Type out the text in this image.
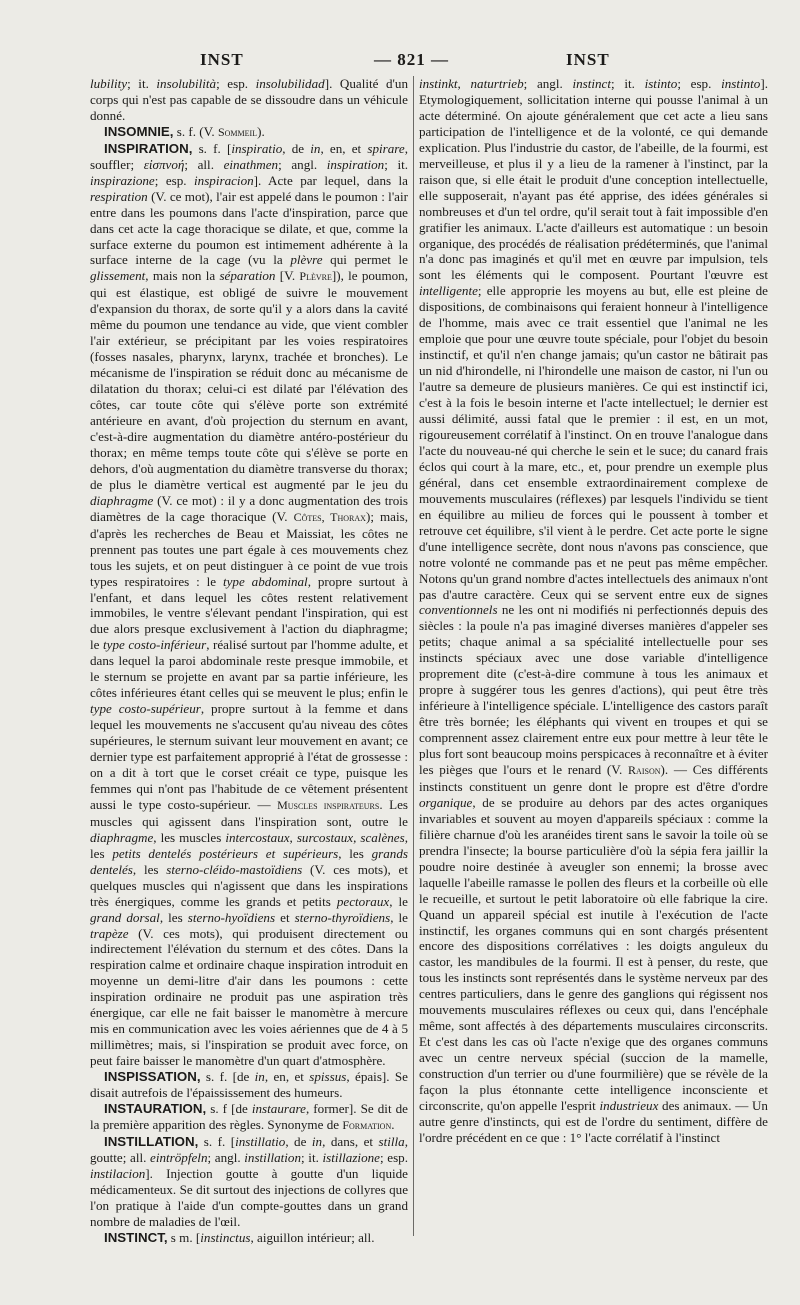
INST	— 821 —	INST

lubility; it. insolubilità; esp. insolubilidad]. Qualité d'un corps qui n'est pas capable de se dissoudre dans un véhicule donné.

INSOMNIE, s. f. (V. Sommeil).

INSPIRATION, s. f. [inspiratio, de in, en, et spirare, souffler; εἰσπνοή; all. einathmen; angl. inspiration; it. inspirazione; esp. inspiracion]. Acte par lequel, dans la respiration (V. ce mot), l'air est appelé dans le poumon : l'air entre dans les poumons dans l'acte d'inspiration, parce que dans cet acte la cage thoracique se dilate, et que, comme la surface externe du poumon est intimement adhérente à la surface interne de la cage (vu la plèvre qui permet le glissement, mais non la séparation [V. Plèvre]), le poumon, qui est élastique, est obligé de suivre le mouvement d'expansion du thorax, de sorte qu'il y a alors dans la cavité même du poumon une tendance au vide, que vient combler l'air extérieur, se précipitant par les voies respiratoires (fosses nasales, pharynx, larynx, trachée et bronches). Le mécanisme de l'inspiration se réduit donc au mécanisme de dilatation du thorax; celui-ci est dilaté par l'élévation des côtes, car toute côte qui s'élève porte son extrémité antérieure en avant, d'où projection du sternum en avant, c'est-à-dire augmentation du diamètre antéro-postérieur du thorax; en même temps toute côte qui s'élève se porte en dehors, d'où augmentation du diamètre transverse du thorax; de plus le diamètre vertical est augmenté par le jeu du diaphragme (V. ce mot) : il y a donc augmentation des trois diamètres de la cage thoracique (V. Côtes, Thorax); mais, d'après les recherches de Beau et Maissiat, les côtes ne prennent pas toutes une part égale à ces mouvements chez tous les sujets, et on peut distinguer à ce point de vue trois types respiratoires : le type abdominal, propre surtout à l'enfant, et dans lequel les côtes restent relativement immobiles, le ventre s'élevant pendant l'inspiration, qui est due alors presque exclusivement à l'action du diaphragme; le type costo-inférieur, réalisé surtout par l'homme adulte, et dans lequel la paroi abdominale reste presque immobile, et le sternum se projette en avant par sa partie inférieure, les côtes inférieures étant celles qui se meuvent le plus; enfin le type costo-supérieur, propre surtout à la femme et dans lequel les mouvements ne s'accusent qu'au niveau des côtes supérieures, le sternum suivant leur mouvement en avant; ce dernier type est parfaitement approprié à l'état de grossesse : on a dit à tort que le corset créait ce type, puisque les femmes qui n'ont pas l'habitude de ce vêtement présentent aussi le type costo-supérieur. — Muscles inspirateurs. Les muscles qui agissent dans l'inspiration sont, outre le diaphragme, les muscles intercostaux, surcostaux, scalènes, les petits dentelés postérieurs et supérieurs, les grands dentelés, les sterno-cléido-mastoïdiens (V. ces mots), et quelques muscles qui n'agissent que dans les inspirations très énergiques, comme les grands et petits pectoraux, le grand dorsal, les sterno-hyoïdiens et sterno-thyroïdiens, le trapèze (V. ces mots), qui produisent directement ou indirectement l'élévation du sternum et des côtes. Dans la respiration calme et ordinaire chaque inspiration introduit en moyenne un demi-litre d'air dans les poumons : cette inspiration ordinaire ne produit pas une aspiration très énergique, car elle ne fait baisser le manomètre à mercure mis en communication avec les voies aériennes que de 4 à 5 millimètres; mais, si l'inspiration se produit avec force, on peut faire baisser le manomètre d'un quart d'atmosphère.

INSPISSATION, s. f. [de in, en, et spissus, épais]. Se disait autrefois de l'épaississement des humeurs.

INSTAURATION, s. f [de instaurare, former]. Se dit de la première apparition des règles. Synonyme de Formation.

INSTILLATION, s. f. [instillatio, de in, dans, et stilla, goutte; all. eintröpfeln; angl. instillation; it. istillazione; esp. instilacion]. Injection goutte à goutte d'un liquide médicamenteux. Se dit surtout des injections de collyres que l'on pratique à l'aide d'un compte-gouttes dans un grand nombre de maladies de l'œil.

INSTINCT, s m. [instinctus, aiguillon intérieur; all.

instinkt, naturtrieb; angl. instinct; it. istinto; esp. instinto]. Etymologiquement, sollicitation interne qui pousse l'animal à un acte déterminé. On ajoute généralement que cet acte a lieu sans participation de l'intelligence et de la volonté, ce qui demande explication. Plus l'industrie du castor, de l'abeille, de la fourmi, est merveilleuse, et plus il y a lieu de la ramener à l'instinct, par la raison que, si elle était le produit d'une conception intellectuelle, elle supposerait, n'ayant pas été apprise, des idées générales si nombreuses et d'un tel ordre, qu'il serait tout à fait impossible d'en gratifier les animaux. L'acte d'ailleurs est automatique : un besoin organique, des procédés de réalisation prédéterminés, que l'animal n'a donc pas imaginés et qu'il met en œuvre par impulsion, tels sont les éléments qui le composent. Pourtant l'œuvre est intelligente; elle approprie les moyens au but, elle est pleine de dispositions, de combinaisons qui feraient honneur à l'intelligence de l'homme, mais avec ce trait essentiel que l'animal ne les emploie que pour une œuvre toute spéciale, pour l'objet du besoin instinctif, et qu'il n'en change jamais; qu'un castor ne bâtirait pas un nid d'hirondelle, ni l'hirondelle une maison de castor, ni l'un ou l'autre sa demeure de plusieurs manières. Ce qui est instinctif ici, c'est à la fois le besoin interne et l'acte intellectuel; le dernier est aussi délimité, aussi fatal que le premier : il est, en un mot, rigoureusement corrélatif à l'instinct. On en trouve l'analogue dans l'acte du nouveau-né qui cherche le sein et le suce; du canard frais éclos qui court à la mare, etc., et, pour prendre un exemple plus général, dans cet ensemble extraordinairement complexe de mouvements musculaires (réflexes) par lesquels l'individu se tient en équilibre au milieu de forces qui le poussent à tomber et retrouve cet équilibre, s'il vient à le perdre. Cet acte porte le signe d'une intelligence secrète, dont nous n'avons pas conscience, que notre volonté ne commande pas et ne peut pas même empêcher. Notons qu'un grand nombre d'actes intellectuels des animaux n'ont pas d'autre caractère. Ceux qui se servent entre eux de signes conventionnels ne les ont ni modifiés ni perfectionnés depuis des siècles : la poule n'a pas imaginé diverses manières d'appeler ses petits; chaque animal a sa spécialité intellectuelle pour ses instincts spéciaux avec une dose variable d'intelligence proprement dite (c'est-à-dire commune à tous les animaux et propre à suggérer tous les genres d'actions), qui peut être très inférieure à l'intelligence spéciale. L'intelligence des castors paraît être très bornée; les éléphants qui vivent en troupes et qui se comprennent assez clairement entre eux pour mettre à leur tête le plus fort sont beaucoup moins perspicaces à reconnaître et à éviter les pièges que l'ours et le renard (V. Raison). — Ces différents instincts constituent un genre dont le propre est d'être d'ordre organique, de se produire au dehors par des actes organiques invariables et souvent au moyen d'appareils spéciaux : comme la filière charnue d'où les aranéides tirent sans le savoir la toile où se prendra l'insecte; la bourse particulière d'où la sépia fera jaillir la poudre noire destinée à aveugler son ennemi; la brosse avec laquelle l'abeille ramasse le pollen des fleurs et la corbeille où elle le recueille, et surtout le petit laboratoire où elle fabrique la cire. Quand un appareil spécial est inutile à l'exécution de l'acte instinctif, les organes communs qui en sont chargés présentent encore des dispositions corrélatives : les doigts anguleux du castor, les mandibules de la fourmi. Il est à penser, du reste, que tous les instincts sont représentés dans le système nerveux par des centres particuliers, dans le genre des ganglions qui régissent nos mouvements musculaires réflexes ou ceux qui, dans l'encéphale même, sont affectés à des départements musculaires circonscrits. Et c'est dans les cas où l'acte n'exige que des organes communs avec un centre nerveux spécial (succion de la mamelle, construction d'un terrier ou d'une fourmilière) que se révèle de la façon la plus étonnante cette intelligence inconsciente et circonscrite, qu'on appelle l'esprit industrieux des animaux. — Un autre genre d'instincts, qui est de l'ordre du sentiment, diffère de l'ordre précédent en ce que : 1° l'acte corrélatif à l'instinct
